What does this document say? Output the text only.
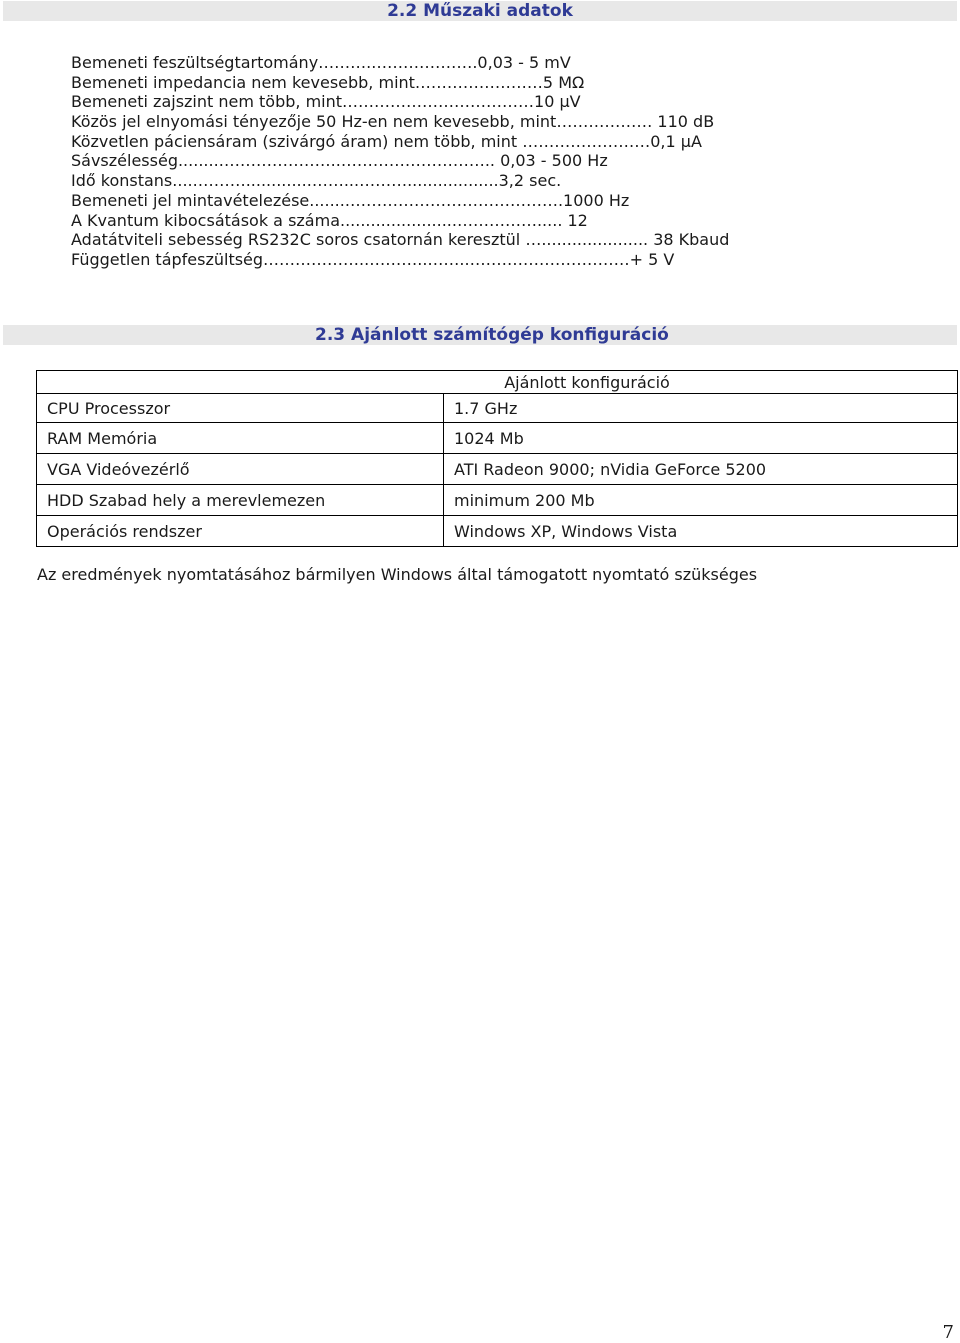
2.2 Műszaki adatok
Bemeneti feszültségtartomány………..……………….0,03 - 5 mV
Bemeneti impedancia nem kevesebb, mint……………………5 MΩ
Bemeneti zajszint nem több, mint………………………………10 µV
Közös jel elnyomási tényezője 50 Hz-en nem kevesebb, mint……………… 110 dB
Közvetlen páciensáram (szivárgó áram) nem több, mint ……………………0,1 µA
Sávszélesség........…………………..……………………….. 0,03 - 500 Hz
Idő konstans.....……….............……...………..................3,2 sec.
Bemeneti jel mintavételezése........………………………………….1000 Hz
A Kvantum kibocsátások a száma.......................……………..... 12
Adatátviteli sebesség RS232C soros csatornán keresztül …..................... 38 Kbaud
Független tápfeszültség………………..………..……..…………………………+ 5 V
2.3 Ajánlott számítógép konfiguráció
Ajánlott konfiguráció	
CPU Processzor	1.7 GHz
RAM Memória	1024 Mb
VGA Videóvezérlő	ATI Radeon 9000; nVidia GeForce 5200
HDD Szabad hely a merevlemezen	minimum 200 Mb
Operációs rendszer	Windows XP, Windows Vista
Az eredmények nyomtatásához bármilyen Windows által támogatott nyomtató szükséges
7
